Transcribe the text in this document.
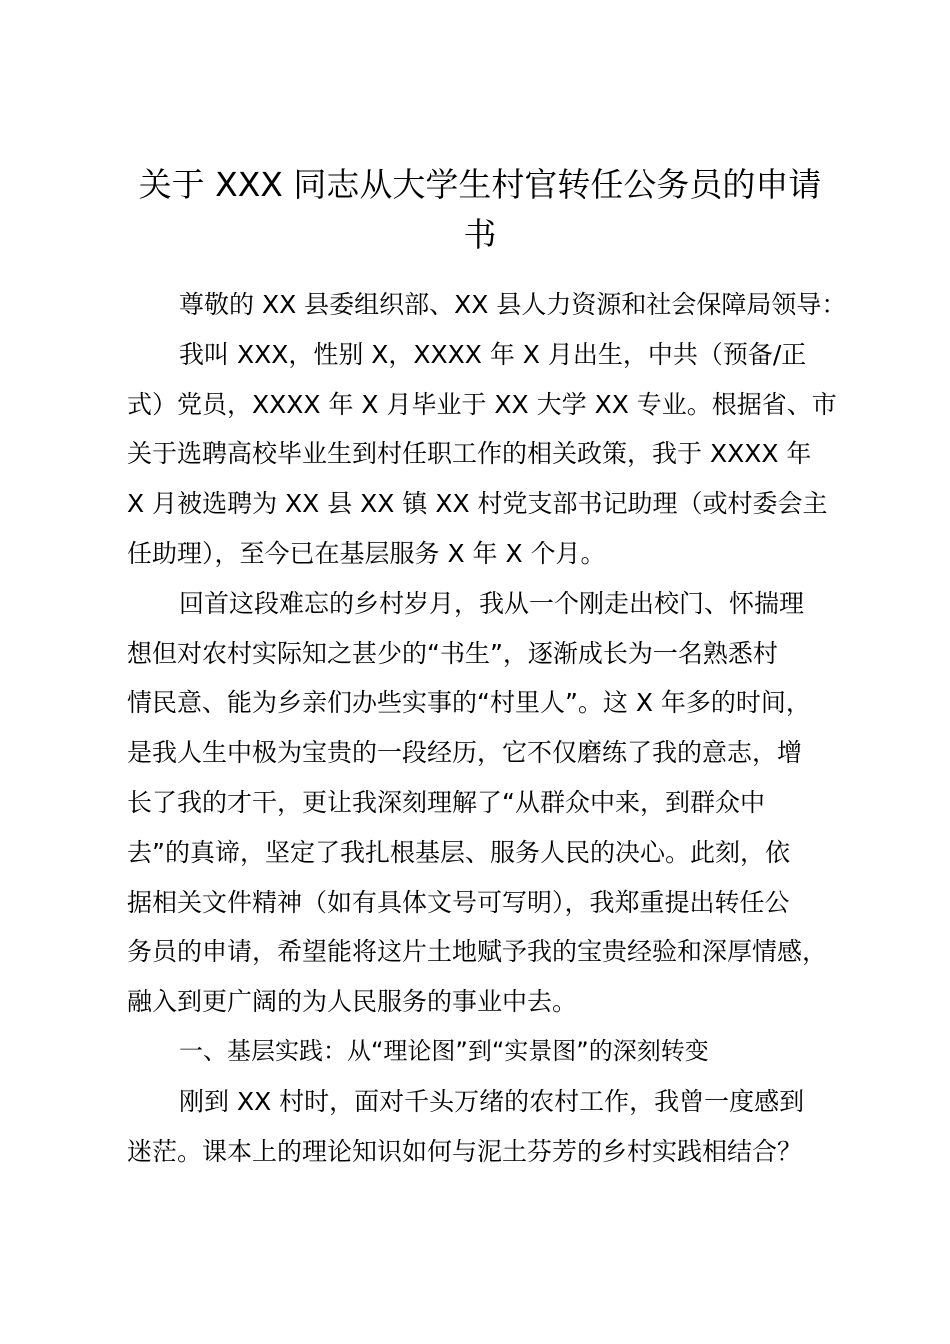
关于 XXX 同志从大学生村官转任公务员的申请
书
尊敬的 XX 县委组织部、XX 县人力资源和社会保障局领导：
我叫 XXX，性别 X，XXXX 年 X 月出生，中共（预备/正
式）党员，XXXX 年 X 月毕业于 XX 大学 XX 专业。根据省、市
关于选聘高校毕业生到村任职工作的相关政策，我于 XXXX 年
X 月被选聘为 XX 县 XX 镇 XX 村党支部书记助理（或村委会主
任助理），至今已在基层服务 X 年 X 个月。
回首这段难忘的乡村岁月，我从一个刚走出校门、怀揣理
想但对农村实际知之甚少的“书生”，逐渐成长为一名熟悉村
情民意、能为乡亲们办些实事的“村里人”。这 X 年多的时间，
是我人生中极为宝贵的一段经历，它不仅磨练了我的意志，增
长了我的才干，更让我深刻理解了“从群众中来，到群众中
去”的真谛，坚定了我扎根基层、服务人民的决心。此刻，依
据相关文件精神（如有具体文号可写明），我郑重提出转任公
务员的申请，希望能将这片土地赋予我的宝贵经验和深厚情感，
融入到更广阔的为人民服务的事业中去。
一、基层实践：从“理论图”到“实景图”的深刻转变
刚到 XX 村时，面对千头万绪的农村工作，我曾一度感到
迷茫。课本上的理论知识如何与泥土芬芳的乡村实践相结合？
